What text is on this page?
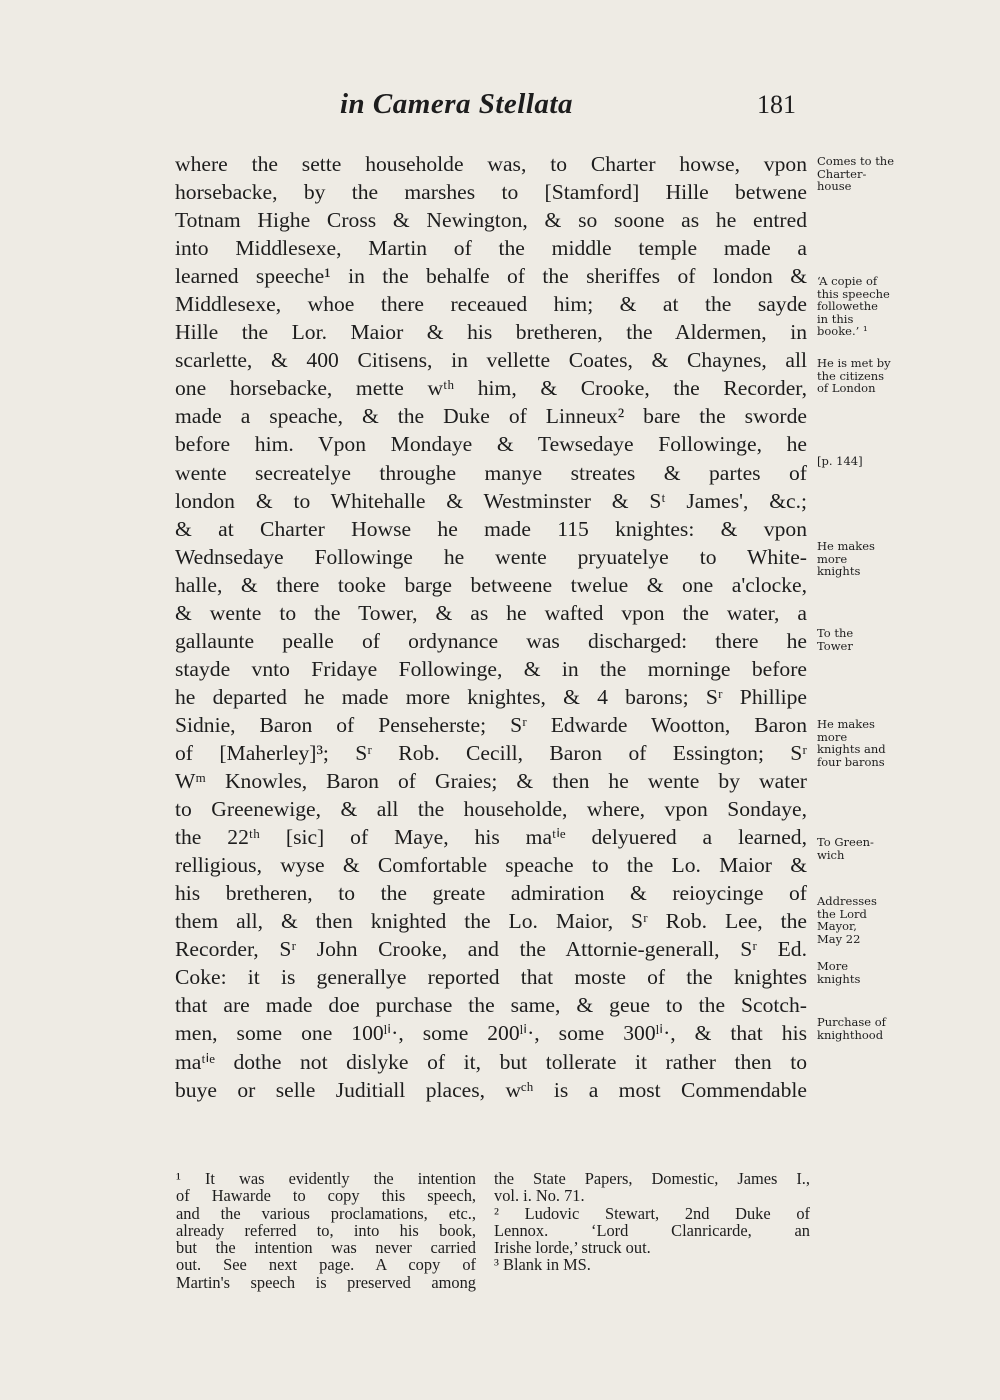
in Camera Stellata	181
where the sette householde was, to Charter howse, vpon
horsebacke, by the marshes to [Stamford] Hille betwene
Totnam Highe Cross & Newington, & so soone as he entred
into Middlesexe, Martin of the middle temple made a
learned speeche¹ in the behalfe of the sheriffes of london &
Middlesexe, whoe there receaued him; & at the sayde
Hille the Lor. Maior & his bretheren, the Aldermen, in
scarlette, & 400 Citisens, in vellette Coates, & Chaynes, all
one horsebacke, mette wᵗʰ him, & Crooke, the Recorder,
made a speache, & the Duke of Linneux² bare the sworde
before him. Vpon Mondaye & Tewsedaye Followinge, he
wente secreatelye throughe manye streates & partes of
london & to Whitehalle & Westminster & Sᵗ James', &c.;
& at Charter Howse he made 115 knightes: & vpon
Wednsedaye Followinge he wente pryuatelye to White-
halle, & there tooke barge betweene twelue & one a'clocke,
& wente to the Tower, & as he wafted vpon the water, a
gallaunte pealle of ordynance was discharged: there he
stayde vnto Fridaye Followinge, & in the morninge before
he departed he made more knightes, & 4 barons; Sʳ Phillipe
Sidnie, Baron of Penseherste; Sʳ Edwarde Wootton, Baron
of [Maherley]³; Sʳ Rob. Cecill, Baron of Essington; Sʳ
Wᵐ Knowles, Baron of Graies; & then he wente by water
to Greenewige, & all the householde, where, vpon Sondaye,
the 22ᵗʰ [sic] of Maye, his maᵗⁱᵉ delyuered a learned,
relligious, wyse & Comfortable speache to the Lo. Maior &
his bretheren, to the greate admiration & reioycinge of
them all, & then knighted the Lo. Maior, Sʳ Rob. Lee, the
Recorder, Sʳ John Crooke, and the Attornie-generall, Sʳ Ed.
Coke: it is generallye reported that moste of the knightes
that are made doe purchase the same, & geue to the Scotch-
men, some one 100ˡⁱ·, some 200ˡⁱ·, some 300ˡⁱ·, & that his
maᵗⁱᵉ dothe not dislyke of it, but tollerate it rather then to
buye or selle Juditiall places, wᶜʰ is a most Commendable
Comes to the
Charter-
house
‘A copie of
this speeche
followethe
in this
booke.’ ¹
He is met by
the citizens
of London
[p. 144]
He makes
more
knights
To the
Tower
He makes
more
knights and
four barons
To Green-
wich
Addresses
the Lord
Mayor,
May 22
More
knights
Purchase of
knighthood
¹ It was evidently the intention
of Hawarde to copy this speech,
and the various proclamations, etc.,
already referred to, into his book,
but the intention was never carried
out. See next page. A copy of
Martin's speech is preserved among
the State Papers, Domestic, James I.,
vol. i. No. 71.
² Ludovic Stewart, 2nd Duke of
Lennox. ‘Lord Clanricarde, an
Irishe lorde,’ struck out.
³ Blank in MS.
